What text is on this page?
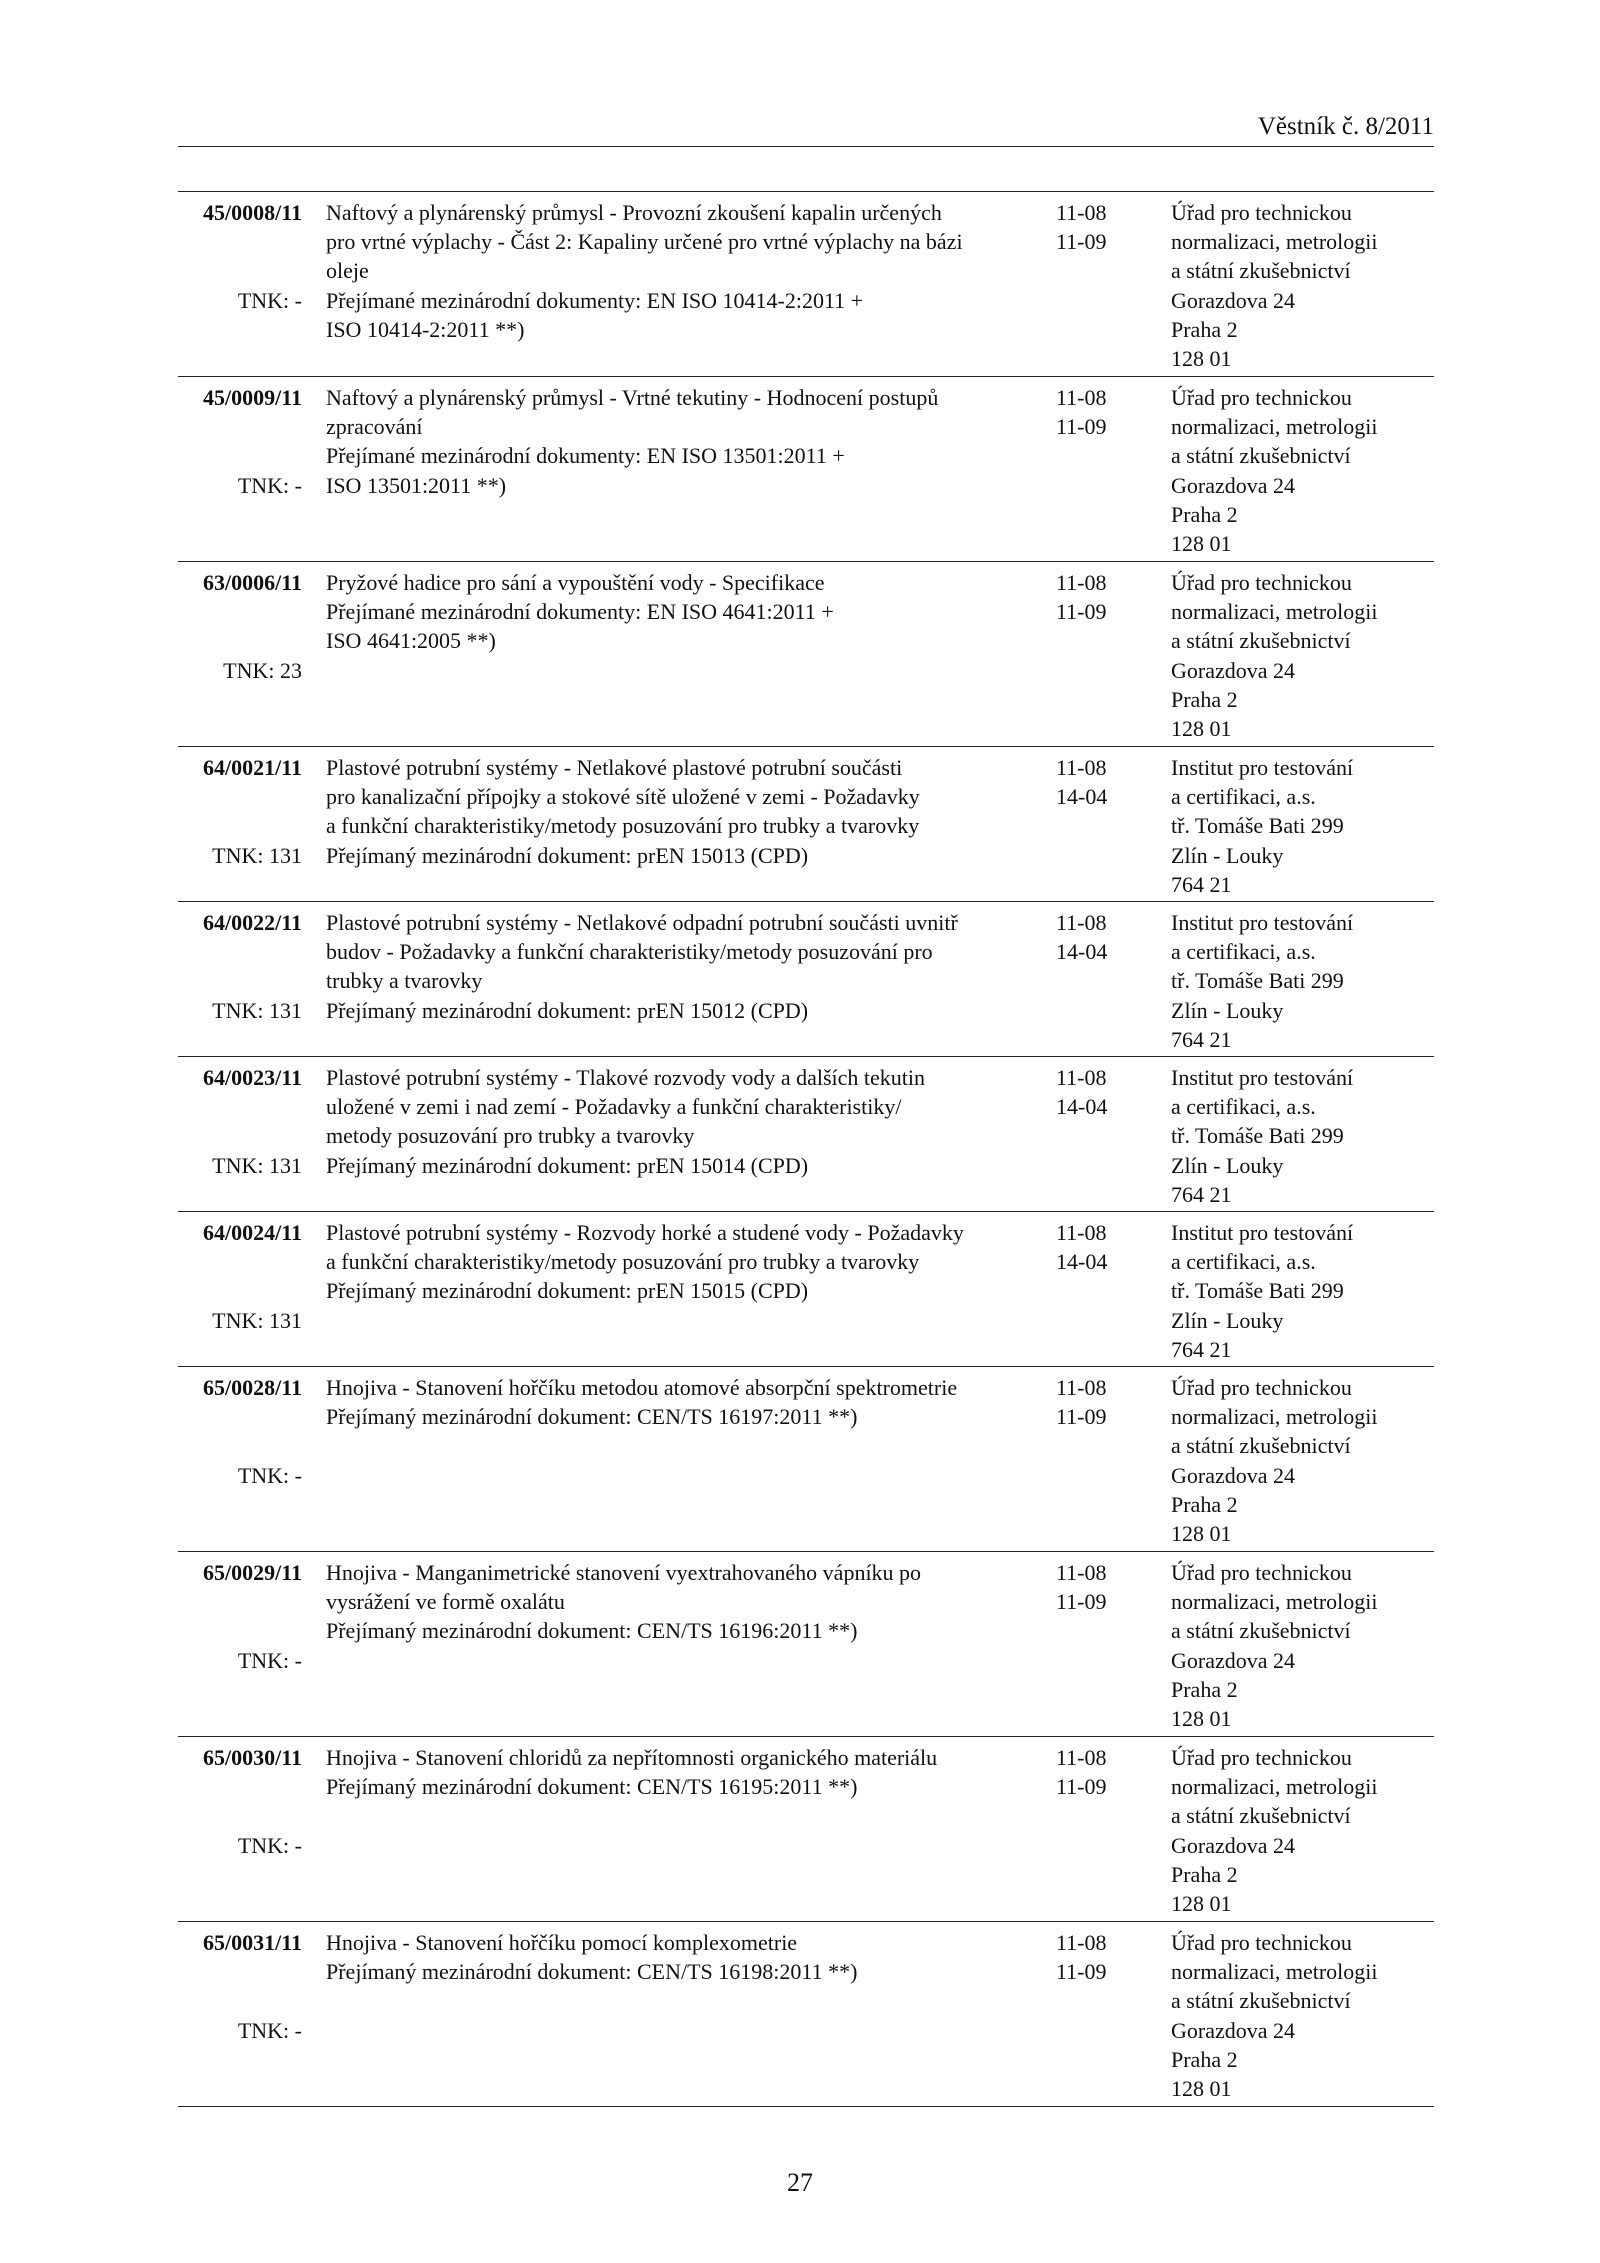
Věstník č. 8/2011
45/0008/11
TNK: -
Naftový a plynárenský průmysl - Provozní zkoušení kapalin určených
pro vrtné výplachy - Část 2: Kapaliny určené pro vrtné výplachy na bázi
oleje
Přejímané mezinárodní dokumenty: EN ISO 10414-2:2011 +
ISO 10414-2:2011 **)
11-08
11-09
Úřad pro technickou
normalizaci, metrologii
a státní zkušebnictví
Gorazdova 24
Praha 2
128 01
45/0009/11
TNK: -
Naftový a plynárenský průmysl - Vrtné tekutiny - Hodnocení postupů
zpracování
Přejímané mezinárodní dokumenty: EN ISO 13501:2011 +
ISO 13501:2011 **)
11-08
11-09
Úřad pro technickou
normalizaci, metrologii
a státní zkušebnictví
Gorazdova 24
Praha 2
128 01
63/0006/11
TNK: 23
Pryžové hadice pro sání a vypouštění vody - Specifikace
Přejímané mezinárodní dokumenty: EN ISO 4641:2011 +
ISO 4641:2005 **)
11-08
11-09
Úřad pro technickou
normalizaci, metrologii
a státní zkušebnictví
Gorazdova 24
Praha 2
128 01
64/0021/11
TNK: 131
Plastové potrubní systémy - Netlakové plastové potrubní součásti
pro kanalizační přípojky a stokové sítě uložené v zemi - Požadavky
a funkční charakteristiky/metody posuzování pro trubky a tvarovky
Přejímaný mezinárodní dokument: prEN 15013 (CPD)
11-08
14-04
Institut pro testování
a certifikaci, a.s.
tř. Tomáše Bati 299
Zlín - Louky
764 21
64/0022/11
TNK: 131
Plastové potrubní systémy - Netlakové odpadní potrubní součásti uvnitř
budov - Požadavky a funkční charakteristiky/metody posuzování pro
trubky a tvarovky
Přejímaný mezinárodní dokument: prEN 15012 (CPD)
11-08
14-04
Institut pro testování
a certifikaci, a.s.
tř. Tomáše Bati 299
Zlín - Louky
764 21
64/0023/11
TNK: 131
Plastové potrubní systémy - Tlakové rozvody vody a dalších tekutin
uložené v zemi i nad zemí - Požadavky a funkční charakteristiky/
metody posuzování pro trubky a tvarovky
Přejímaný mezinárodní dokument: prEN 15014 (CPD)
11-08
14-04
Institut pro testování
a certifikaci, a.s.
tř. Tomáše Bati 299
Zlín - Louky
764 21
64/0024/11
TNK: 131
Plastové potrubní systémy - Rozvody horké a studené vody - Požadavky
a funkční charakteristiky/metody posuzování pro trubky a tvarovky
Přejímaný mezinárodní dokument: prEN 15015 (CPD)
11-08
14-04
Institut pro testování
a certifikaci, a.s.
tř. Tomáše Bati 299
Zlín - Louky
764 21
65/0028/11
TNK: -
Hnojiva - Stanovení hořčíku metodou atomové absorpční spektrometrie
Přejímaný mezinárodní dokument: CEN/TS 16197:2011 **)
11-08
11-09
Úřad pro technickou
normalizaci, metrologii
a státní zkušebnictví
Gorazdova 24
Praha 2
128 01
65/0029/11
TNK: -
Hnojiva - Manganimetrické stanovení vyextrahovaného vápníku po
vysrážení ve formě oxalátu
Přejímaný mezinárodní dokument: CEN/TS 16196:2011 **)
11-08
11-09
Úřad pro technickou
normalizaci, metrologii
a státní zkušebnictví
Gorazdova 24
Praha 2
128 01
65/0030/11
TNK: -
Hnojiva - Stanovení chloridů za nepřítomnosti organického materiálu
Přejímaný mezinárodní dokument: CEN/TS 16195:2011 **)
11-08
11-09
Úřad pro technickou
normalizaci, metrologii
a státní zkušebnictví
Gorazdova 24
Praha 2
128 01
65/0031/11
TNK: -
Hnojiva - Stanovení hořčíku pomocí komplexometrie
Přejímaný mezinárodní dokument: CEN/TS 16198:2011 **)
11-08
11-09
Úřad pro technickou
normalizaci, metrologii
a státní zkušebnictví
Gorazdova 24
Praha 2
128 01
27
